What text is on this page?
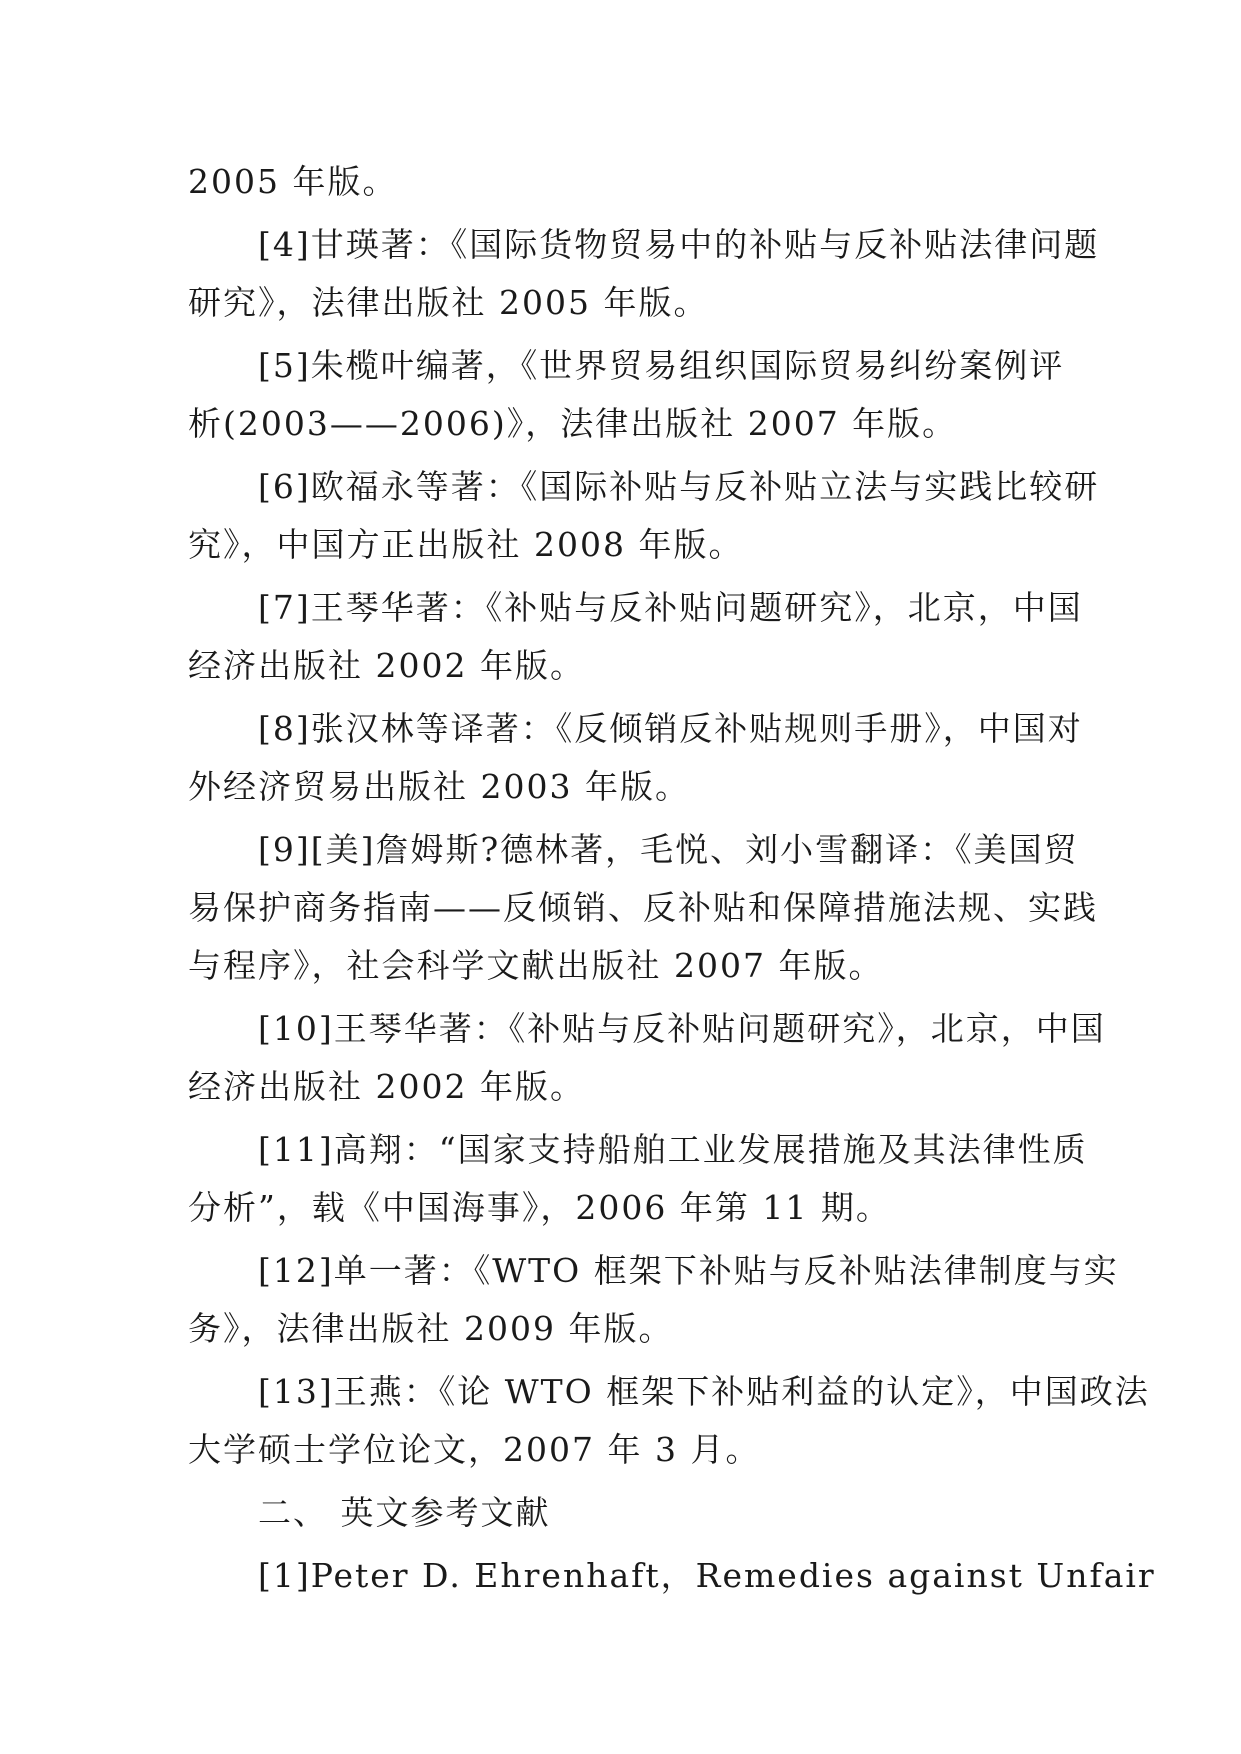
2005 年版。
[4]甘瑛著：《国际货物贸易中的补贴与反补贴法律问题
研究》，法律出版社 2005 年版。
[5]朱榄叶编著，《世界贸易组织国际贸易纠纷案例评
析(2003——2006)》，法律出版社 2007 年版。
[6]欧福永等著：《国际补贴与反补贴立法与实践比较研
究》，中国方正出版社 2008 年版。
[7]王琴华著：《补贴与反补贴问题研究》，北京，中国
经济出版社 2002 年版。
[8]张汉林等译著：《反倾销反补贴规则手册》，中国对
外经济贸易出版社 2003 年版。
[9][美]詹姆斯?德林著，毛悦、刘小雪翻译：《美国贸
易保护商务指南——反倾销、反补贴和保障措施法规、实践
与程序》，社会科学文献出版社 2007 年版。
[10]王琴华著：《补贴与反补贴问题研究》，北京，中国
经济出版社 2002 年版。
[11]高翔：“国家支持船舶工业发展措施及其法律性质
分析”，载《中国海事》，2006 年第 11 期。
[12]单一著：《WTO 框架下补贴与反补贴法律制度与实
务》，法律出版社 2009 年版。
[13]王燕：《论 WTO 框架下补贴利益的认定》，中国政法
大学硕士学位论文，2007 年 3 月。
二、 英文参考文献
[1]Peter D. Ehrenhaft，Remedies against Unfair
